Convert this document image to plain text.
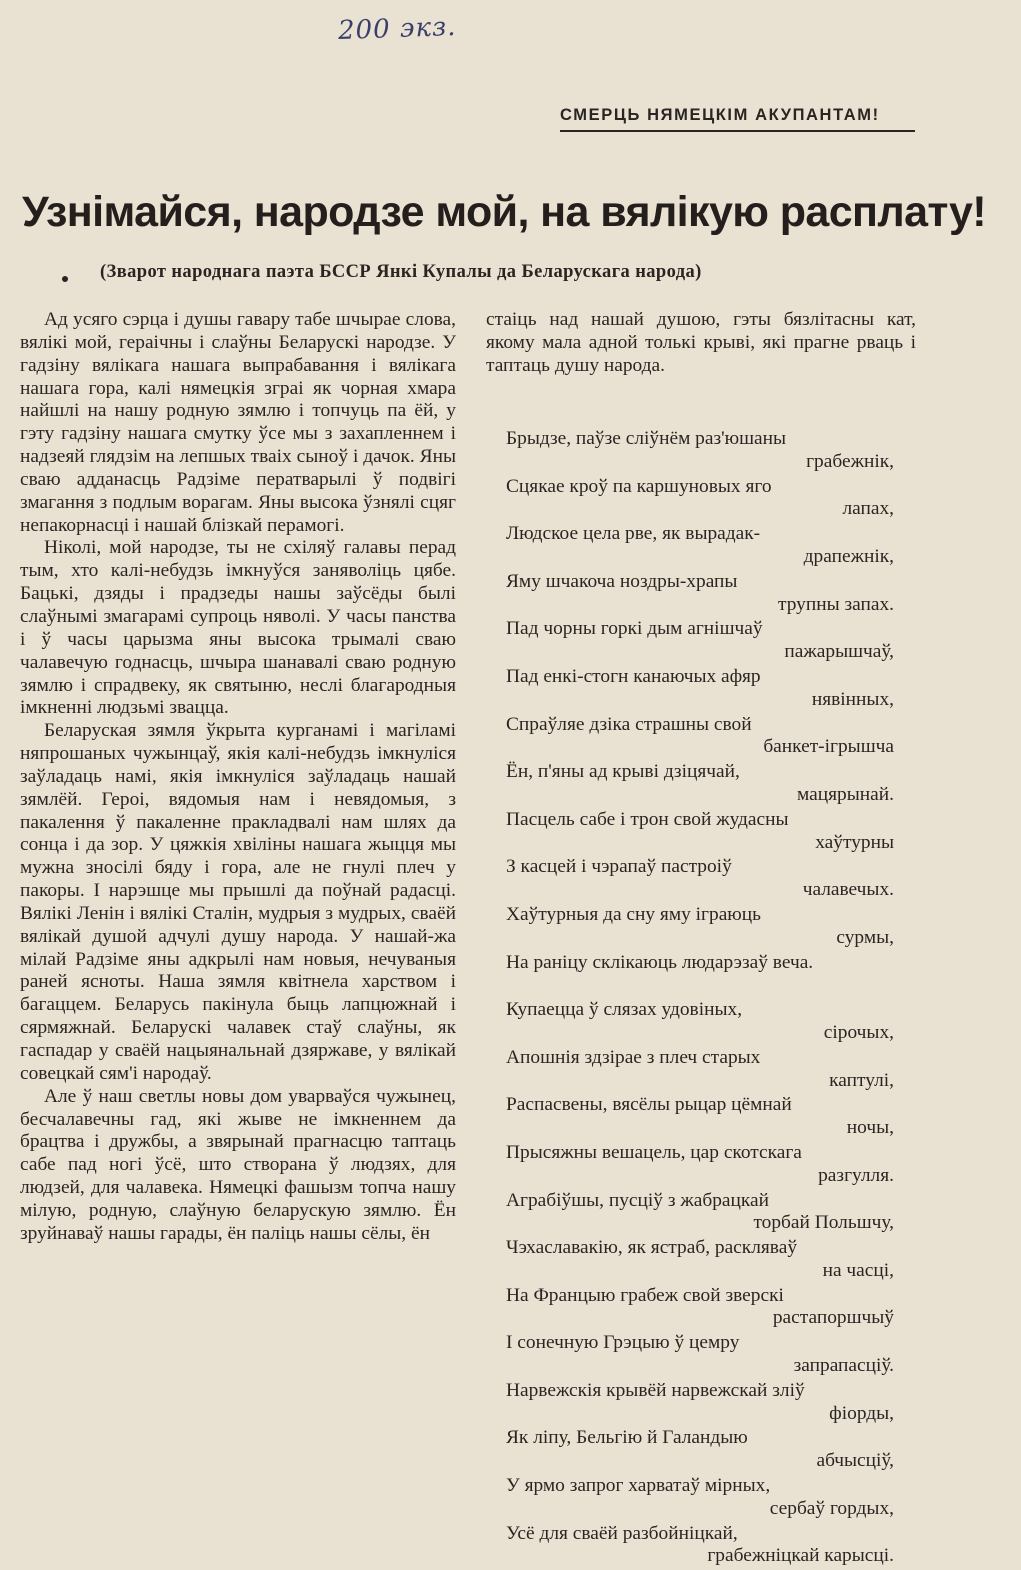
200 экз.
СМЕРЦЬ НЯМЕЦКІМ АКУПАНТАМ!
Узнімайся, народзе мой, на вялікую расплату!

(Зварот народнага паэта БССР Янкі Купалы да Беларускага народа)

Ад усяго сэрца і душы гавару табе шчырае слова, вялікі мой, гераічны і слаўны Беларускі народзе. У гадзіну вялікага нашага выпрабавання і вялікага нашага гора, калі нямецкія зграі як чорная хмара найшлі на нашу родную зямлю і топчуць па ёй, у гэту гадзіну нашага смутку ўсе мы з захапленнем і надзеяй глядзім на лепшых тваіх сыноў і дачок. Яны сваю адданасць Радзіме ператварылі ў подвігі змагання з подлым ворагам. Яны высока ўзнялі сцяг непакорнасці і нашай блізкай перамогі.

Ніколі, мой народзе, ты не схіляў галавы перад тым, хто калі-небудзь імкнуўся заняволіць цябе. Бацькі, дзяды і прадзеды нашы заўсёды былі слаўнымі змагарамі супроць няволі. У часы панства і ў часы царызма яны высока трымалі сваю чалавечую годнасць, шчыра шанавалі сваю родную зямлю і спрадвеку, як святыню, неслі благародныя імкненні людзьмі звацца.

Беларуская зямля ўкрыта курганамі і магіламі няпрошаных чужынцаў, якія калі-небудзь імкнуліся заўладаць намі, якія імкнуліся заўладаць нашай зямлёй. Героі, вядомыя нам і невядомыя, з пакалення ў пакаленне пракладвалі нам шлях да сонца і да зор. У цяжкія хвіліны нашага жыцця мы мужна зносілі бяду і гора, але не гнулі плеч у пакоры. І нарэшце мы прышлі да поўнай радасці. Вялікі Ленін і вялікі Сталін, мудрыя з мудрых, сваёй вялікай душой адчулі душу народа. У нашай-жа мілай Радзіме яны адкрылі нам новыя, нечуваныя раней ясноты. Наша зямля квітнела харством і багаццем. Беларусь пакінула быць лапцюжнай і сярмяжнай. Беларускі чалавек стаў слаўны, як гаспадар у сваёй нацыянальнай дзяржаве, у вялікай совецкай сям'і народаў.

Але ў наш светлы новы дом уварваўся чужынец, бесчалавечны гад, які жыве не імкненнем да брацтва і дружбы, а звярынай прагнасцю таптаць сабе пад ногі ўсё, што створана ў людзях, для людзей, для чалавека. Нямецкі фашызм топча нашу мілую, родную, слаўную беларускую зямлю. Ён зруйнаваў нашы гарады, ён паліць нашы сёлы, ён

стаіць над нашай душою, гэты бязлітасны кат, якому мала адной толькі крыві, які прагне рваць і таптаць душу народа.

Брыдзе, паўзе сліўнём раз'юшаны
грабежнік,
Сцякае кроў па каршуновых яго
лапах,
Людское цела рве, як вырадак-
драпежнік,
Яму шчакоча ноздры-храпы
трупны запах.
Пад чорны горкі дым агнішчаў
пажарышчаў,
Пад енкі-стогн канаючых афяр
нявінных,
Спраўляе дзіка страшны свой
банкет-ігрышча
Ён, п'яны ад крыві дзіцячай,
мацярынай.
Пасцель сабе і трон свой жудасны
хаўтурны
З касцей і чэрапаў пастроіў
чалавечых.
Хаўтурныя да сну яму іграюць
сурмы,
На раніцу склікаюць людарэзаў веча.
Купаецца ў слязах удовіных,
сірочых,
Апошнія здзірае з плеч старых
каптулі,
Распасвены, вясёлы рыцар цёмнай
ночы,
Прысяжны вешацель, цар скотскага
разгулля.
Аграбіўшы, пусціў з жабрацкай
торбай Польшчу,
Чэхаславакію, як ястраб, раскляваў
на часці,
На Францыю грабеж свой зверскі
растапоршчыў
І сонечную Грэцыю ў цемру
запрапасціў.
Нарвежскія крывёй нарвежскай зліў
фіорды,
Як ліпу, Бельгію й Галандыю
абчысціў,
У ярмо запрог харватаў мірных,
сербаў гордых,
Усё для сваёй разбойніцкай,
грабежніцкай карысці.
